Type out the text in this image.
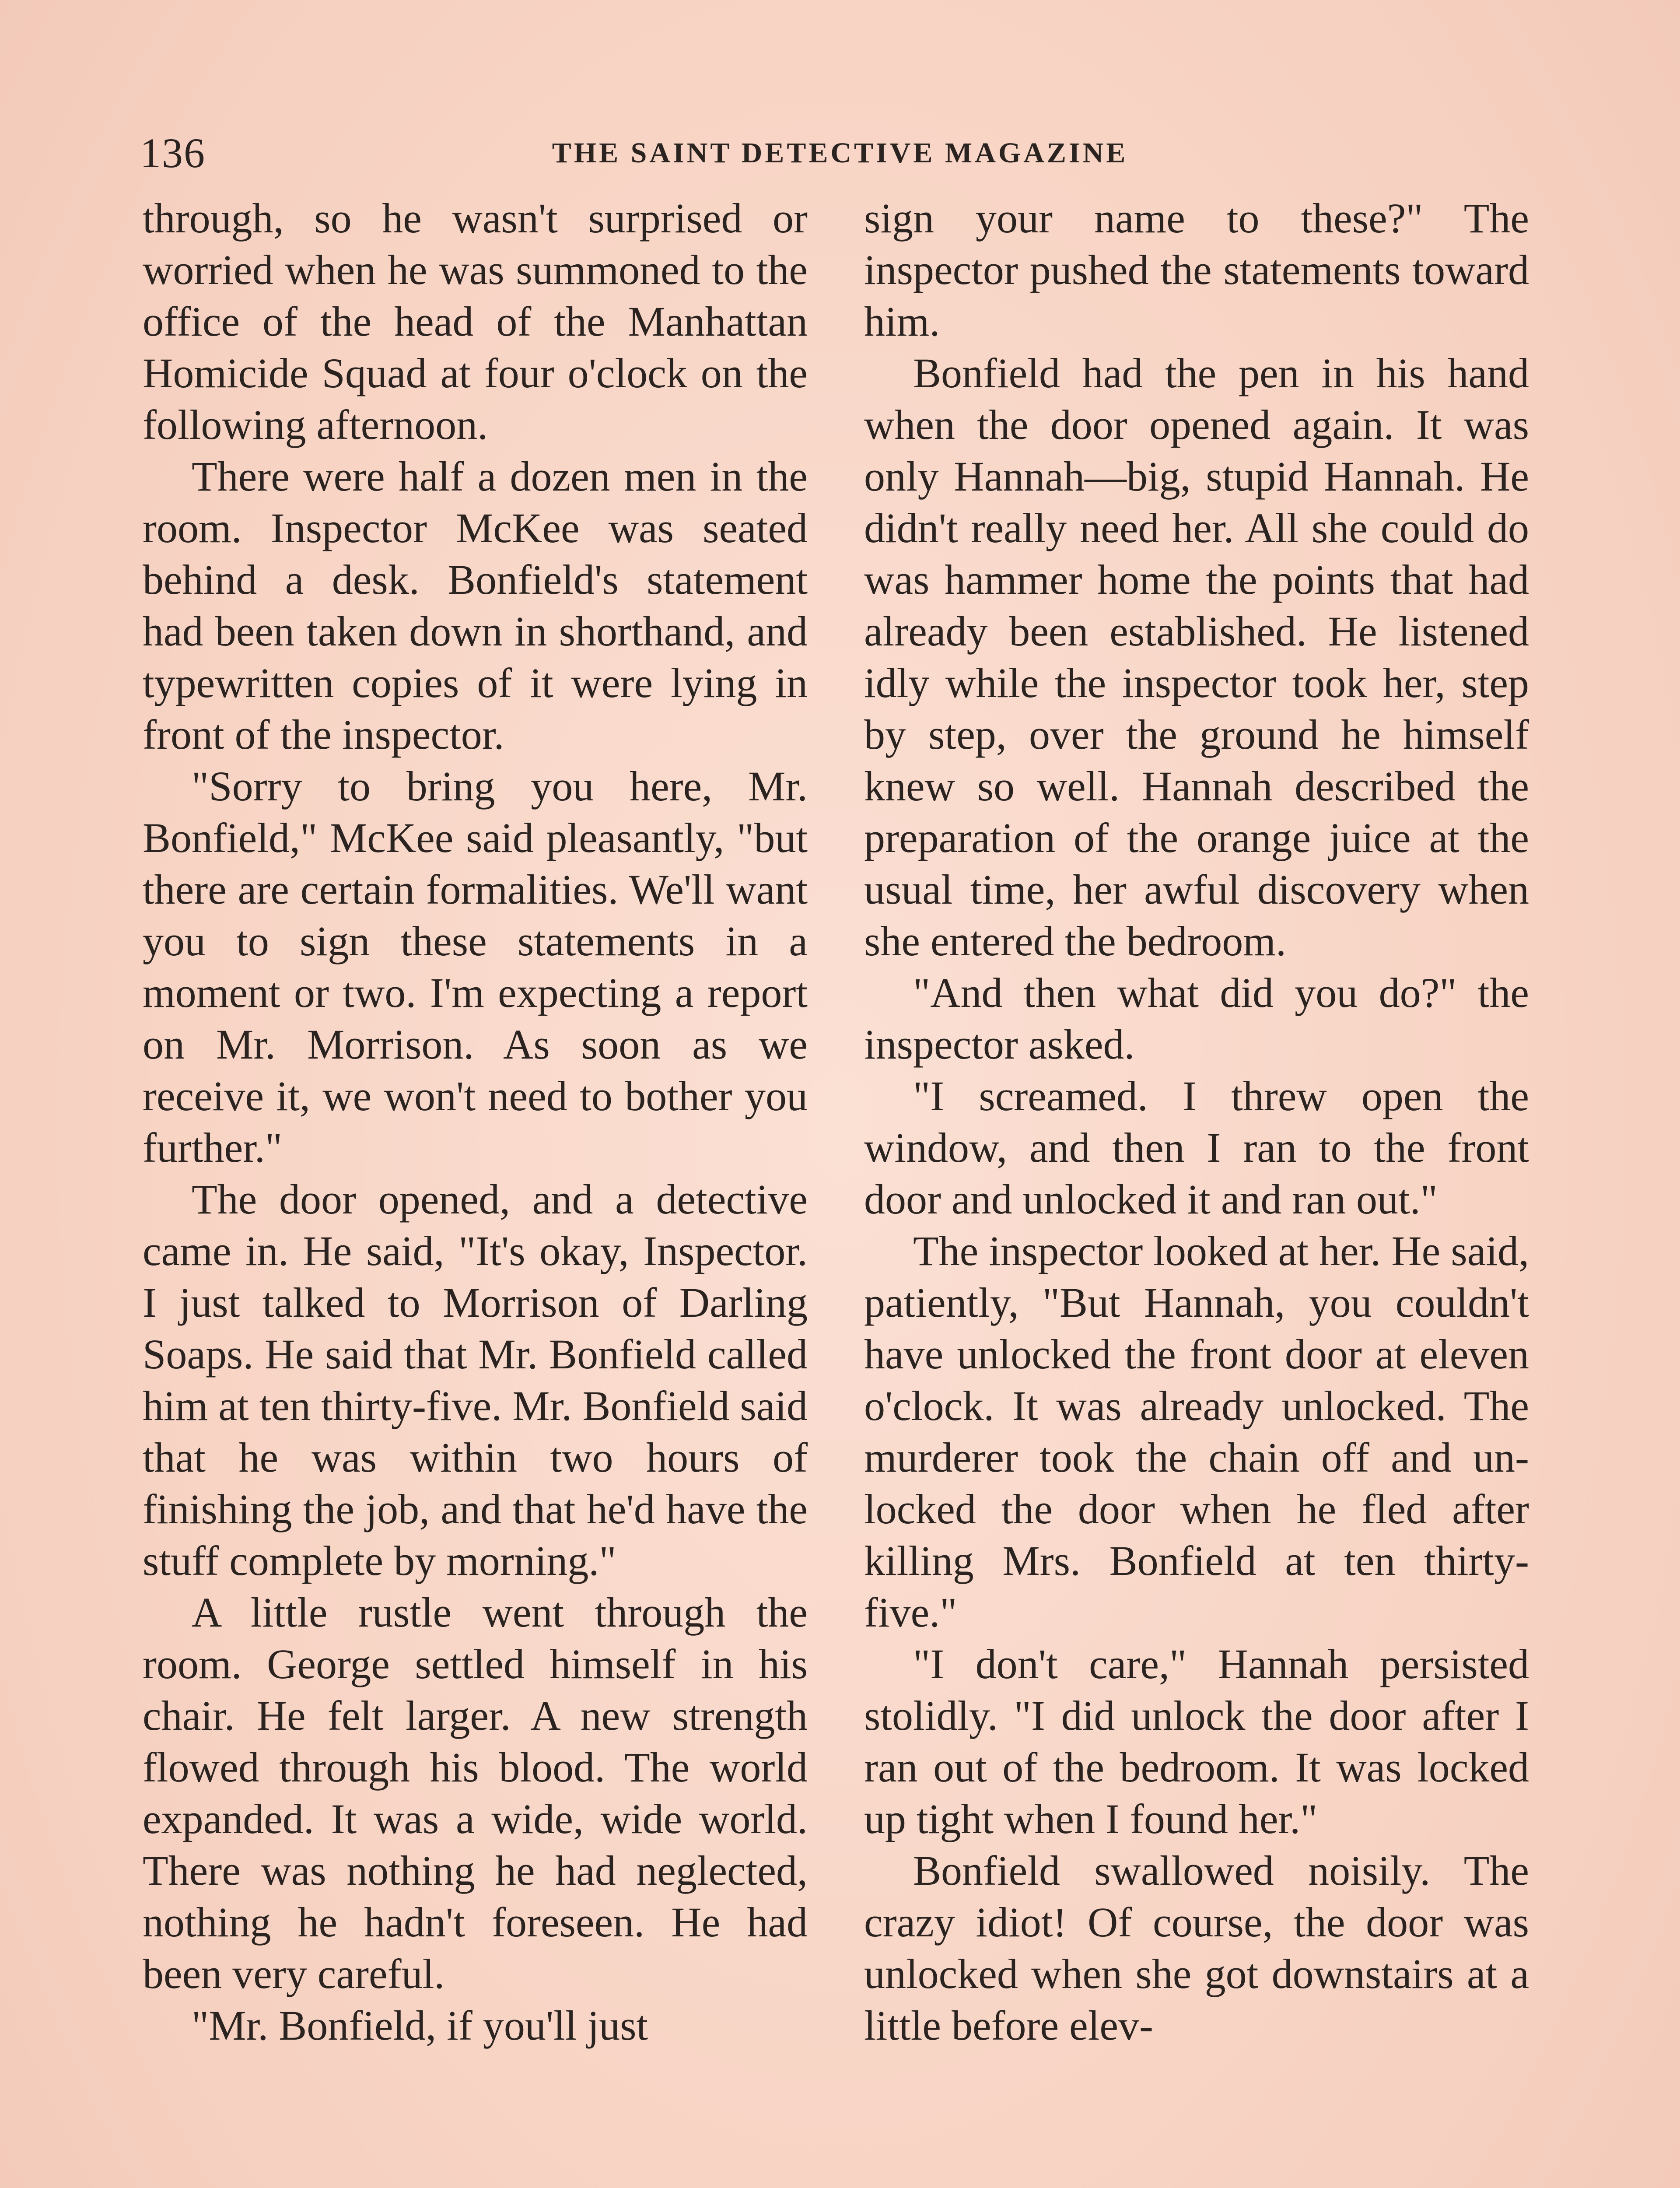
136	THE SAINT DETECTIVE MAGAZINE

through, so he wasn't surprised or worried when he was summoned to the office of the head of the Manhattan Homicide Squad at four o'clock on the following afternoon.

There were half a dozen men in the room. Inspector McKee was seated behind a desk. Bonfield's statement had been taken down in shorthand, and typewritten copies of it were lying in front of the inspector.

"Sorry to bring you here, Mr. Bonfield," McKee said pleasantly, "but there are certain formalities. We'll want you to sign these statements in a moment or two. I'm expecting a report on Mr. Morrison. As soon as we receive it, we won't need to bother you further."

The door opened, and a detective came in. He said, "It's okay, Inspector. I just talked to Morrison of Darling Soaps. He said that Mr. Bonfield called him at ten thirty-five. Mr. Bonfield said that he was within two hours of finishing the job, and that he'd have the stuff complete by morning."

A little rustle went through the room. George settled himself in his chair. He felt larger. A new strength flowed through his blood. The world expanded. It was a wide, wide world. There was nothing he had neglected, nothing he hadn't foreseen. He had been very careful.

"Mr. Bonfield, if you'll just

sign your name to these?" The inspector pushed the statements toward him.

Bonfield had the pen in his hand when the door opened again. It was only Hannah—big, stupid Hannah. He didn't really need her. All she could do was hammer home the points that had already been established. He listened idly while the inspector took her, step by step, over the ground he himself knew so well. Hannah described the preparation of the orange juice at the usual time, her awful discovery when she entered the bedroom.

"And then what did you do?" the inspector asked.

"I screamed. I threw open the window, and then I ran to the front door and unlocked it and ran out."

The inspector looked at her. He said, patiently, "But Hannah, you couldn't have unlocked the front door at eleven o'clock. It was already unlocked. The murderer took the chain off and unlocked the door when he fled after killing Mrs. Bonfield at ten thirty-five."

"I don't care," Hannah persisted stolidly. "I did unlock the door after I ran out of the bedroom. It was locked up tight when I found her."

Bonfield swallowed noisily. The crazy idiot! Of course, the door was unlocked when she got downstairs at a little before elev-
